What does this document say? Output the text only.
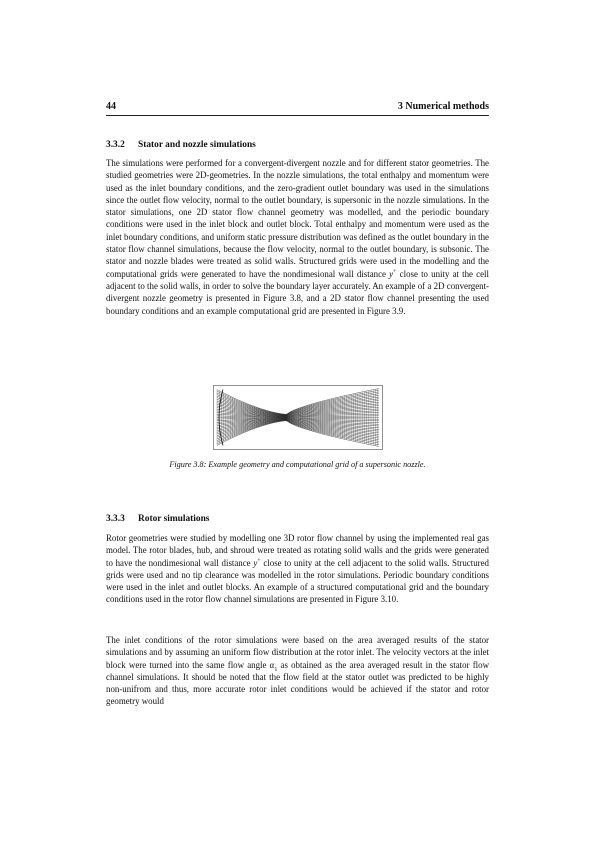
44	3 Numerical methods
3.3.2 Stator and nozzle simulations

The simulations were performed for a convergent-divergent nozzle and for different stator geometries. The studied geometries were 2D-geometries. In the nozzle simulations, the total enthalpy and momentum were used as the inlet boundary conditions, and the zero-gradient outlet boundary was used in the simulations since the outlet flow velocity, normal to the outlet boundary, is supersonic in the nozzle simulations. In the stator simulations, one 2D stator flow channel geometry was modelled, and the periodic boundary conditions were used in the inlet block and outlet block. Total enthalpy and momentum were used as the inlet boundary conditions, and uniform static pressure distribution was defined as the outlet boundary in the stator flow channel simulations, because the flow velocity, normal to the outlet boundary, is subsonic. The stator and nozzle blades were treated as solid walls. Structured grids were used in the modelling and the computational grids were generated to have the nondimesional wall distance y+ close to unity at the cell adjacent to the solid walls, in order to solve the boundary layer accurately. An example of a 2D convergent-divergent nozzle geometry is presented in Figure 3.8, and a 2D stator flow channel presenting the used boundary conditions and an example computational grid are presented in Figure 3.9.

Figure 3.8: Example geometry and computational grid of a supersonic nozzle.
3.3.3 Rotor simulations

Rotor geometries were studied by modelling one 3D rotor flow channel by using the implemented real gas model. The rotor blades, hub, and shroud were treated as rotating solid walls and the grids were generated to have the nondimesional wall distance y+ close to unity at the cell adjacent to the solid walls. Structured grids were used and no tip clearance was modelled in the rotor simulations. Periodic boundary conditions were used in the inlet and outlet blocks. An example of a structured computational grid and the boundary conditions used in the rotor flow channel simulations are presented in Figure 3.10.

The inlet conditions of the rotor simulations were based on the area averaged results of the stator simulations and by assuming an uniform flow distribution at the rotor inlet. The velocity vectors at the inlet block were turned into the same flow angle $\alpha_1$ as obtained as the area averaged result in the stator flow channel simulations. It should be noted that the flow field at the stator outlet was predicted to be highly non-unifrom and thus, more accurate rotor inlet conditions would be achieved if the stator and rotor geometry would
